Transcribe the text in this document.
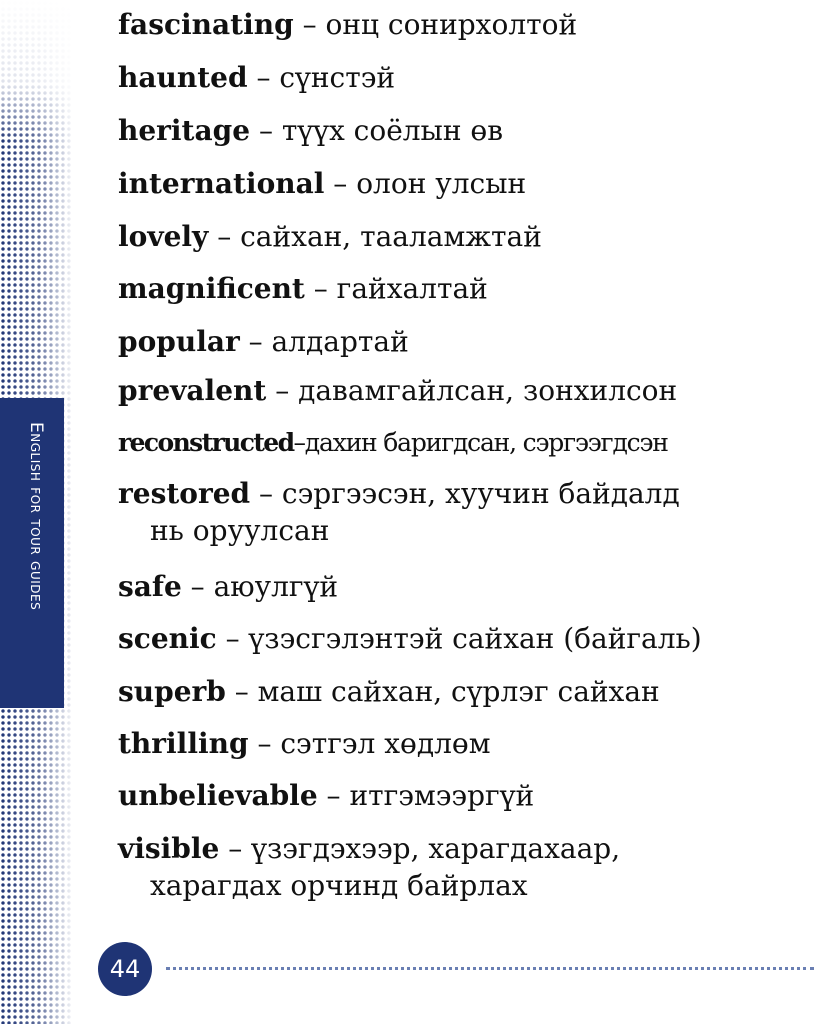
English for tour guides
fascinating – онц сонирхолтой
haunted – сүнстэй
heritage – түүх соёлын өв
international – олон улсын
lovely – сайхан, тааламжтай
magnificent – гайхалтай
popular – алдартай
prevalent – давамгайлсан, зонхилсон
reconstructed–дахин баригдсан, сэргээгдсэн
restored – сэргээсэн, хуучин байдалд
нь оруулсан
safe – аюулгүй
scenic – үзэсгэлэнтэй сайхан (байгаль)
superb – маш сайхан, сүрлэг сайхан
thrilling – сэтгэл хөдлөм
unbelievable – итгэмээргүй
visible – үзэгдэхээр, харагдахаар,
харагдах орчинд байрлах
44
